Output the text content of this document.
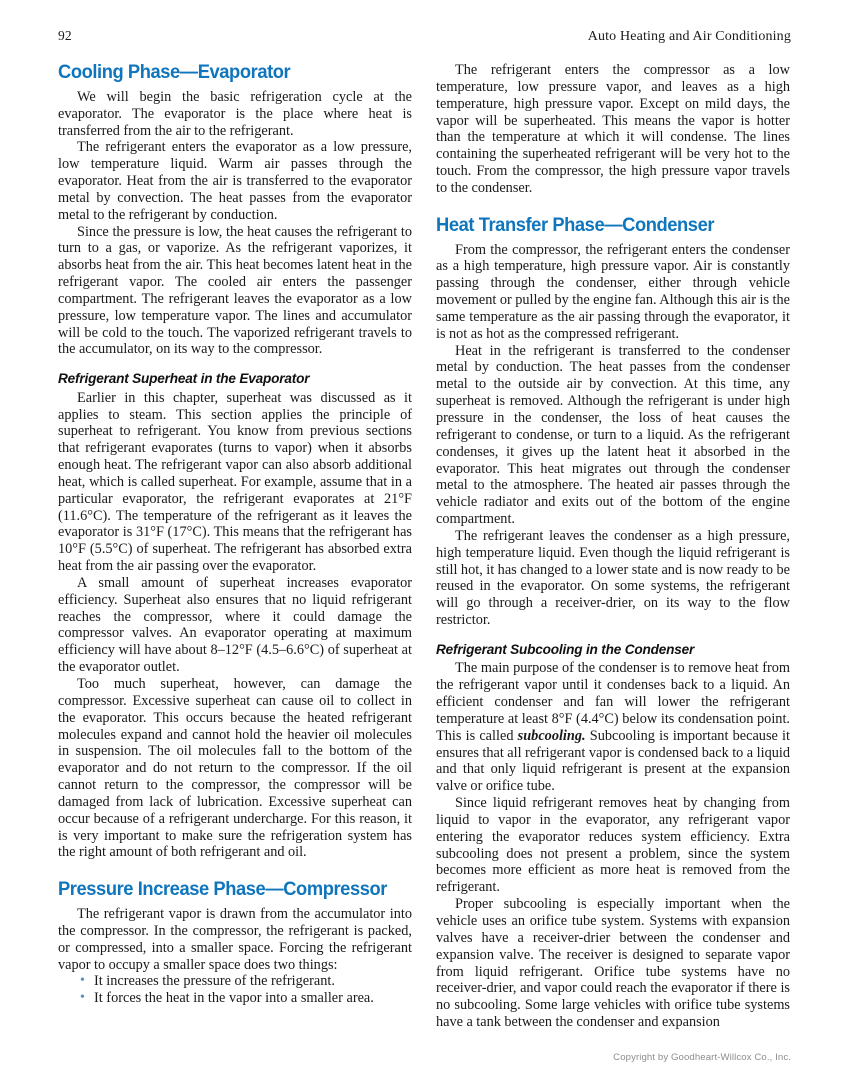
92	Auto Heating and Air Conditioning
Cooling Phase—Evaporator

We will begin the basic refrigeration cycle at the evaporator. The evaporator is the place where heat is transferred from the air to the refrigerant.

The refrigerant enters the evaporator as a low pressure, low temperature liquid. Warm air passes through the evaporator. Heat from the air is transferred to the evaporator metal by convection. The heat passes from the evaporator metal to the refrigerant by conduction.

Since the pressure is low, the heat causes the refrigerant to turn to a gas, or vaporize. As the refrigerant vaporizes, it absorbs heat from the air. This heat becomes latent heat in the refrigerant vapor. The cooled air enters the passenger compartment. The refrigerant leaves the evaporator as a low pressure, low temperature vapor. The lines and accumulator will be cold to the touch. The vaporized refrigerant travels to the accumulator, on its way to the compressor.

Refrigerant Superheat in the Evaporator

Earlier in this chapter, superheat was discussed as it applies to steam. This section applies the principle of superheat to refrigerant. You know from previous sections that refrigerant evaporates (turns to vapor) when it absorbs enough heat. The refrigerant vapor can also absorb additional heat, which is called superheat. For example, assume that in a particular evaporator, the refrigerant evaporates at 21°F (11.6°C). The temperature of the refrigerant as it leaves the evaporator is 31°F (17°C). This means that the refrigerant has 10°F (5.5°C) of superheat. The refrigerant has absorbed extra heat from the air passing over the evaporator.

A small amount of superheat increases evaporator efficiency. Superheat also ensures that no liquid refrigerant reaches the compressor, where it could damage the compressor valves. An evaporator operating at maximum efficiency will have about 8–12°F (4.5–6.6°C) of superheat at the evaporator outlet.

Too much superheat, however, can damage the compressor. Excessive superheat can cause oil to collect in the evaporator. This occurs because the heated refrigerant molecules expand and cannot hold the heavier oil molecules in suspension. The oil molecules fall to the bottom of the evaporator and do not return to the compressor. If the oil cannot return to the compressor, the compressor will be damaged from lack of lubrication. Excessive superheat can occur because of a refrigerant undercharge. For this reason, it is very important to make sure the refrigeration system has the right amount of both refrigerant and oil.

Pressure Increase Phase—Compressor

The refrigerant vapor is drawn from the accumulator into the compressor. In the compressor, the refrigerant is packed, or compressed, into a smaller space. Forcing the refrigerant vapor to occupy a smaller space does two things:

• It increases the pressure of the refrigerant.
• It forces the heat in the vapor into a smaller area.

The refrigerant enters the compressor as a low temperature, low pressure vapor, and leaves as a high temperature, high pressure vapor. Except on mild days, the vapor will be superheated. This means the vapor is hotter than the temperature at which it will condense. The lines containing the superheated refrigerant will be very hot to the touch. From the compressor, the high pressure vapor travels to the condenser.

Heat Transfer Phase—Condenser

From the compressor, the refrigerant enters the condenser as a high temperature, high pressure vapor. Air is constantly passing through the condenser, either through vehicle movement or pulled by the engine fan. Although this air is the same temperature as the air passing through the evaporator, it is not as hot as the compressed refrigerant.

Heat in the refrigerant is transferred to the condenser metal by conduction. The heat passes from the condenser metal to the outside air by convection. At this time, any superheat is removed. Although the refrigerant is under high pressure in the condenser, the loss of heat causes the refrigerant to condense, or turn to a liquid. As the refrigerant condenses, it gives up the latent heat it absorbed in the evaporator. This heat migrates out through the condenser metal to the atmosphere. The heated air passes through the vehicle radiator and exits out of the bottom of the engine compartment.

The refrigerant leaves the condenser as a high pressure, high temperature liquid. Even though the liquid refrigerant is still hot, it has changed to a lower state and is now ready to be reused in the evaporator. On some systems, the refrigerant will go through a receiver-drier, on its way to the flow restrictor.

Refrigerant Subcooling in the Condenser

The main purpose of the condenser is to remove heat from the refrigerant vapor until it condenses back to a liquid. An efficient condenser and fan will lower the refrigerant temperature at least 8°F (4.4°C) below its condensation point. This is called subcooling. Subcooling is important because it ensures that all refrigerant vapor is condensed back to a liquid and that only liquid refrigerant is present at the expansion valve or orifice tube.

Since liquid refrigerant removes heat by changing from liquid to vapor in the evaporator, any refrigerant vapor entering the evaporator reduces system efficiency. Extra subcooling does not present a problem, since the system becomes more efficient as more heat is removed from the refrigerant.

Proper subcooling is especially important when the vehicle uses an orifice tube system. Systems with expansion valves have a receiver-drier between the condenser and expansion valve. The receiver is designed to separate vapor from liquid refrigerant. Orifice tube systems have no receiver-drier, and vapor could reach the evaporator if there is no subcooling. Some large vehicles with orifice tube systems have a tank between the condenser and expansion

Copyright by Goodheart-Willcox Co., Inc.
